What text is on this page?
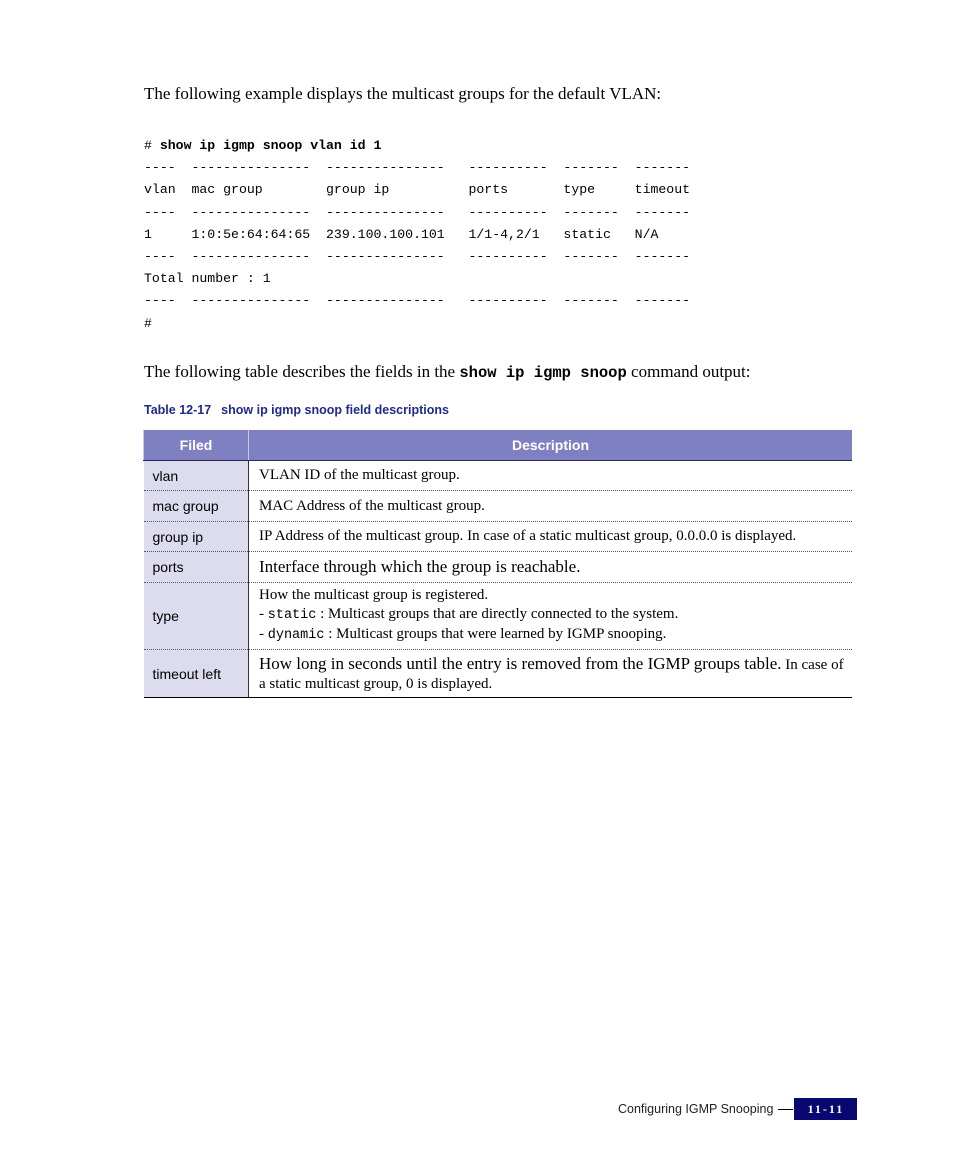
The following example displays the multicast groups for the default VLAN:

# show ip igmp snoop vlan id 1
----  ---------------  ---------------   ----------  -------  -------
vlan  mac group        group ip          ports       type     timeout
----  ---------------  ---------------   ----------  -------  -------
1     1:0:5e:64:64:65  239.100.100.101   1/1-4,2/1   static   N/A
----  ---------------  ---------------   ----------  -------  -------
Total number : 1
----  ---------------  ---------------   ----------  -------  -------
#

The following table describes the fields in the show ip igmp snoop command output:

Table 12-17 show ip igmp snoop field descriptions

Filed	Description
vlan	VLAN ID of the multicast group.
mac group	MAC Address of the multicast group.
group ip	IP Address of the multicast group. In case of a static multicast group, 0.0.0.0 is displayed.
ports	Interface through which the group is reachable.
type	How the multicast group is registered.
- static : Multicast groups that are directly connected to the system.
- dynamic : Multicast groups that were learned by IGMP snooping.

timeout left	How long in seconds until the entry is removed from the IGMP groups table. In case of a static multicast group, 0 is displayed.
Configuring IGMP Snooping	11-11
